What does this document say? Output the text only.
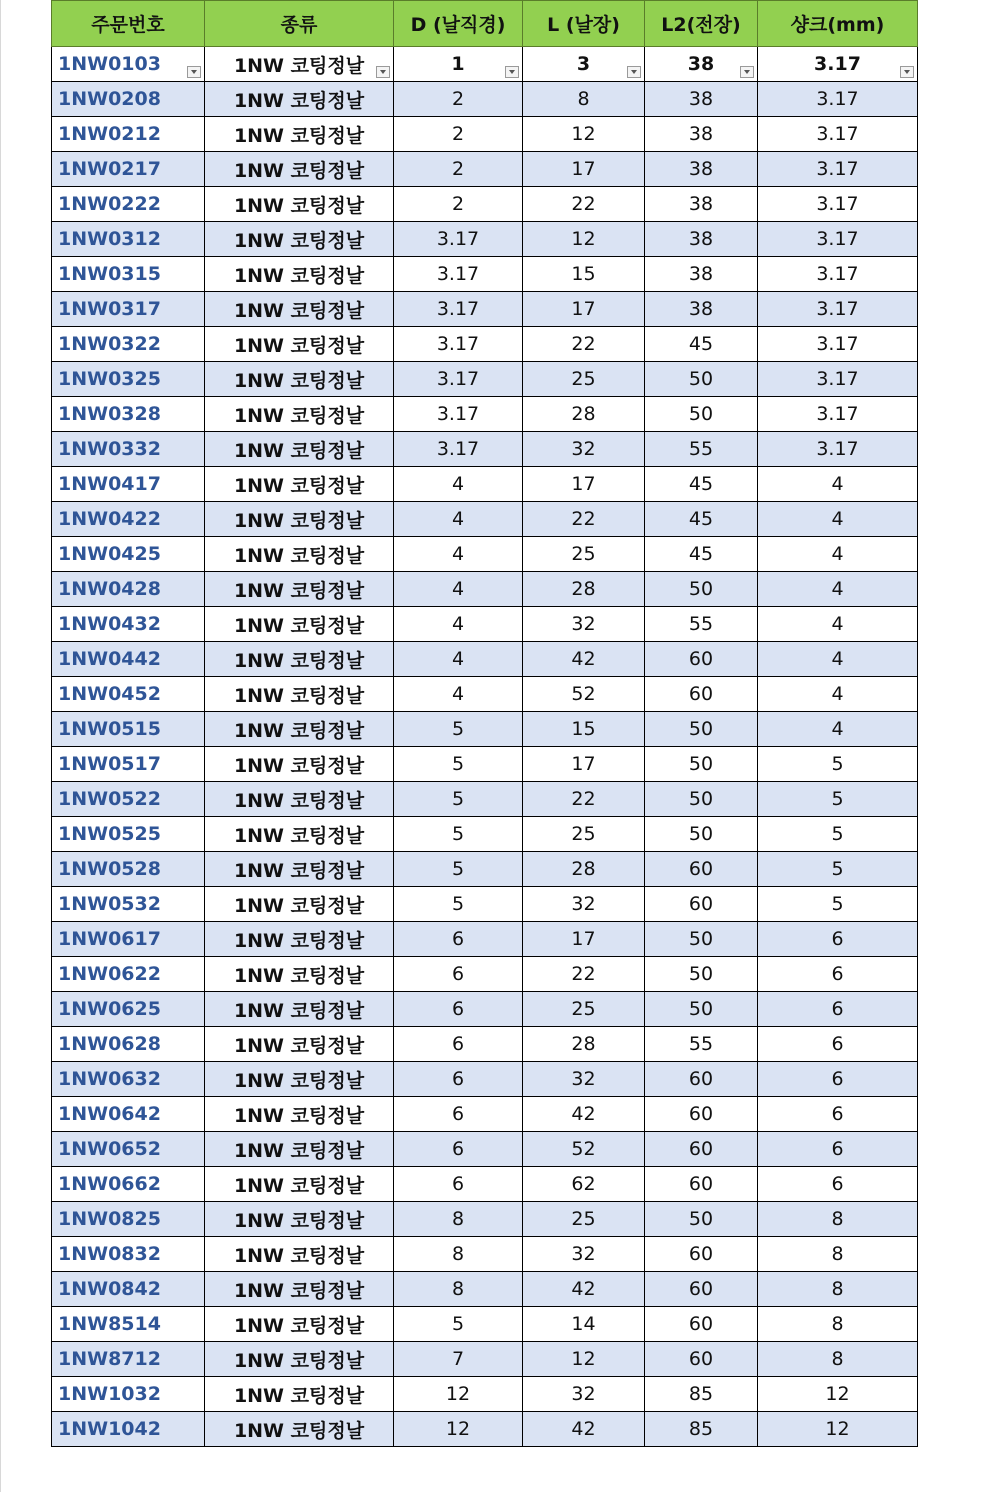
주문번호	종류	D (날직경)	L (날장)	L2(전장)	샹크(mm)
1NW0103	1NW 코팅정날	1	3	38	3.17

1NW0208	1NW 코팅정날	2	8	38	3.17
1NW0212	1NW 코팅정날	2	12	38	3.17
1NW0217	1NW 코팅정날	2	17	38	3.17
1NW0222	1NW 코팅정날	2	22	38	3.17
1NW0312	1NW 코팅정날	3.17	12	38	3.17
1NW0315	1NW 코팅정날	3.17	15	38	3.17
1NW0317	1NW 코팅정날	3.17	17	38	3.17
1NW0322	1NW 코팅정날	3.17	22	45	3.17
1NW0325	1NW 코팅정날	3.17	25	50	3.17
1NW0328	1NW 코팅정날	3.17	28	50	3.17
1NW0332	1NW 코팅정날	3.17	32	55	3.17
1NW0417	1NW 코팅정날	4	17	45	4
1NW0422	1NW 코팅정날	4	22	45	4
1NW0425	1NW 코팅정날	4	25	45	4
1NW0428	1NW 코팅정날	4	28	50	4
1NW0432	1NW 코팅정날	4	32	55	4
1NW0442	1NW 코팅정날	4	42	60	4
1NW0452	1NW 코팅정날	4	52	60	4
1NW0515	1NW 코팅정날	5	15	50	4
1NW0517	1NW 코팅정날	5	17	50	5
1NW0522	1NW 코팅정날	5	22	50	5
1NW0525	1NW 코팅정날	5	25	50	5
1NW0528	1NW 코팅정날	5	28	60	5
1NW0532	1NW 코팅정날	5	32	60	5
1NW0617	1NW 코팅정날	6	17	50	6
1NW0622	1NW 코팅정날	6	22	50	6
1NW0625	1NW 코팅정날	6	25	50	6
1NW0628	1NW 코팅정날	6	28	55	6
1NW0632	1NW 코팅정날	6	32	60	6
1NW0642	1NW 코팅정날	6	42	60	6
1NW0652	1NW 코팅정날	6	52	60	6
1NW0662	1NW 코팅정날	6	62	60	6
1NW0825	1NW 코팅정날	8	25	50	8
1NW0832	1NW 코팅정날	8	32	60	8
1NW0842	1NW 코팅정날	8	42	60	8
1NW8514	1NW 코팅정날	5	14	60	8
1NW8712	1NW 코팅정날	7	12	60	8
1NW1032	1NW 코팅정날	12	32	85	12
1NW1042	1NW 코팅정날	12	42	85	12
